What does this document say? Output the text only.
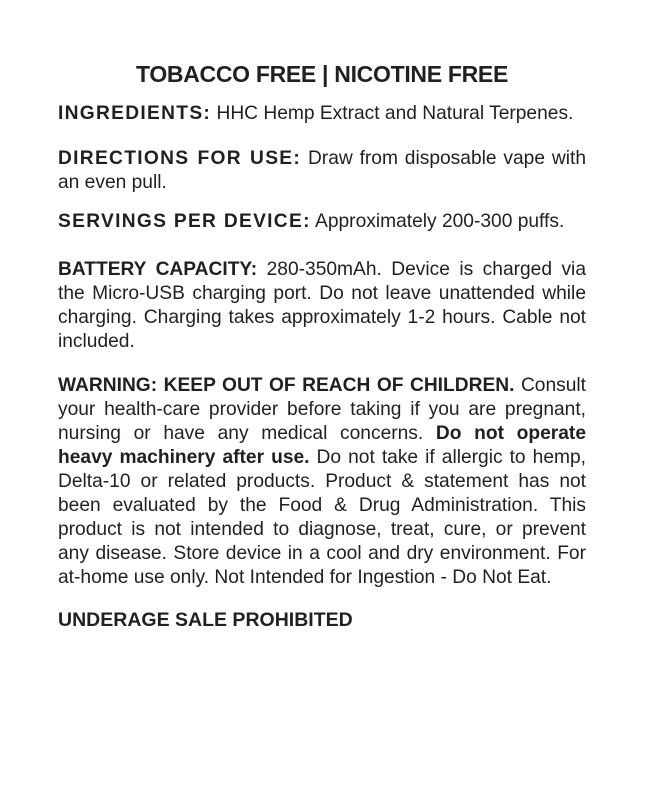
TOBACCO FREE | NICOTINE FREE

INGREDIENTS: HHC Hemp Extract and Natural Terpenes.

DIRECTIONS FOR USE: Draw from disposable vape with an even pull.

SERVINGS PER DEVICE: Approximately 200-300 puffs.

BATTERY CAPACITY: 280-350mAh. Device is charged via the Micro-USB charging port. Do not leave unattended while charging. Charging takes approximately 1-2 hours. Cable not included.

WARNING: KEEP OUT OF REACH OF CHILDREN. Consult your health-care provider before taking if you are pregnant, nursing or have any medical concerns. Do not operate heavy machinery after use. Do not take if allergic to hemp, Delta-10 or related products. Product & statement has not been evaluated by the Food & Drug Administration. This product is not intended to diagnose, treat, cure, or prevent any disease. Store device in a cool and dry environment. For at-home use only. Not Intended for Ingestion - Do Not Eat.

UNDERAGE SALE PROHIBITED
